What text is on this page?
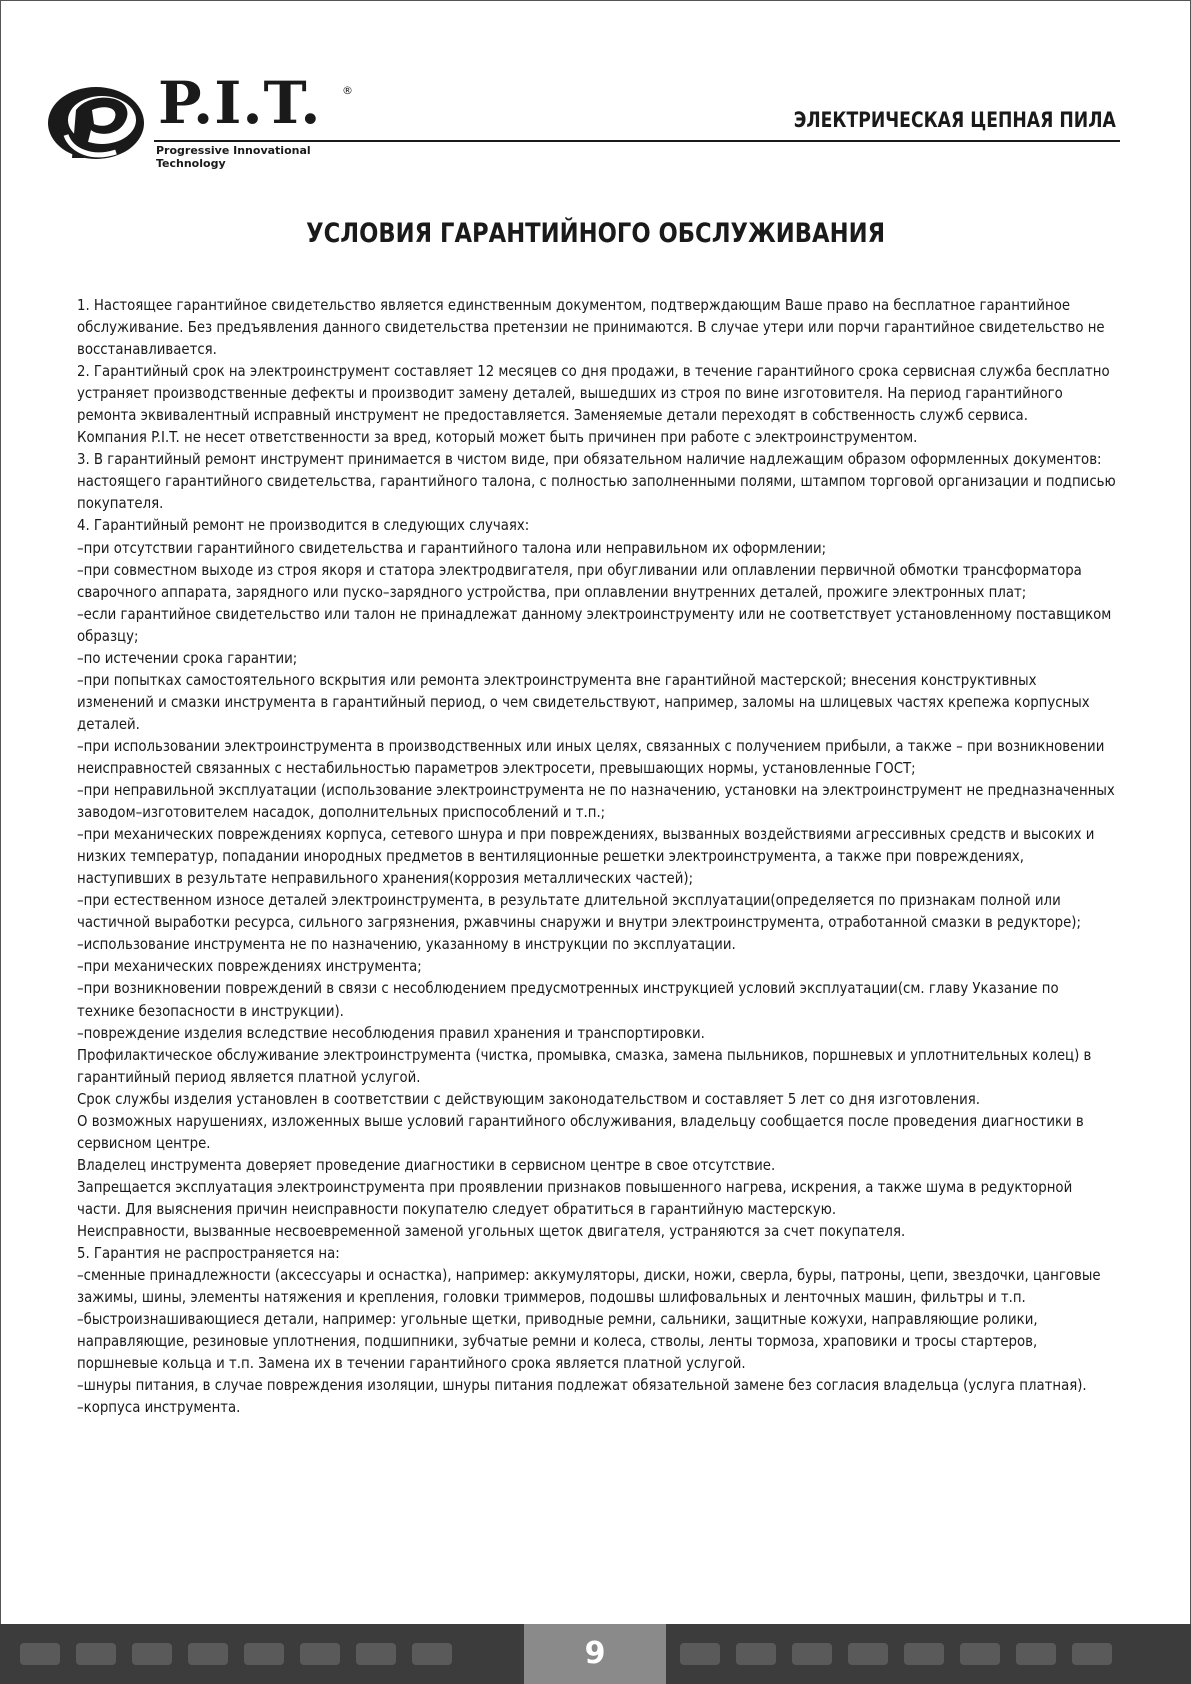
P.I.T. ®
Progressive Innovational Technology
ЭЛЕКТРИЧЕСКАЯ ЦЕПНАЯ ПИЛА
УСЛОВИЯ ГАРАНТИЙНОГО ОБСЛУЖИВАНИЯ

1. Настоящее гарантийное свидетельство является единственным документом, подтверждающим Ваше право на бесплатное гарантийное обслуживание. Без предъявления данного свидетельства претензии не принимаются. В случае утери или порчи гарантийное свидетельство не восстанавливается.

2. Гарантийный срок на электроинструмент составляет 12 месяцев со дня продажи, в течение гарантийного срока сервисная служба бесплатно устраняет производственные дефекты и производит замену деталей, вышедших из строя по вине изготовителя. На период гарантийного ремонта эквивалентный исправный инструмент не предоставляется. Заменяемые детали переходят в собственность служб сервиса.

Компания P.I.T. не несет ответственности за вред, который может быть причинен при работе с электроинструментом.

3. В гарантийный ремонт инструмент принимается в чистом виде, при обязательном наличие надлежащим образом оформленных документов: настоящего гарантийного свидетельства, гарантийного талона, с полностью заполненными полями, штампом торговой организации и подписью покупателя.

4. Гарантийный ремонт не производится в следующих случаях:

–при отсутствии гарантийного свидетельства и гарантийного талона или неправильном их оформлении;

–при совместном выходе из строя якоря и статора электродвигателя, при обугливании или оплавлении первичной обмотки трансформатора сварочного аппарата, зарядного или пуско–зарядного устройства, при оплавлении внутренних деталей, прожиге электронных плат;

–если гарантийное свидетельство или талон не принадлежат данному электроинструменту или не соответствует установленному поставщиком образцу;

–по истечении срока гарантии;

–при попытках самостоятельного вскрытия или ремонта электроинструмента вне гарантийной мастерской; внесения конструктивных изменений и смазки инструмента в гарантийный период, о чем свидетельствуют, например, заломы на шлицевых частях крепежа корпусных деталей.

–при использовании электроинструмента в производственных или иных целях, связанных с получением прибыли, а также – при возникновении неисправностей связанных с нестабильностью параметров электросети, превышающих нормы, установленные ГОСТ;

–при неправильной эксплуатации (использование электроинструмента не по назначению, установки на электроинструмент не предназначенных заводом–изготовителем насадок, дополнительных приспособлений и т.п.;

–при механических повреждениях корпуса, сетевого шнура и при повреждениях, вызванных воздействиями агрессивных средств и высоких и низких температур, попадании инородных предметов в вентиляционные решетки электроинструмента, а также при повреждениях, наступивших в результате неправильного хранения(коррозия металлических частей);

–при естественном износе деталей электроинструмента, в результате длительной эксплуатации(определяется по признакам полной или частичной выработки ресурса, сильного загрязнения, ржавчины снаружи и внутри электроинструмента, отработанной смазки в редукторе);

–использование инструмента не по назначению, указанному в инструкции по эксплуатации.

–при механических повреждениях инструмента;

–при возникновении повреждений в связи с несоблюдением предусмотренных инструкцией условий эксплуатации(см. главу Указание по технике безопасности в инструкции).

–повреждение изделия вследствие несоблюдения правил хранения и транспортировки.

Профилактическое обслуживание электроинструмента (чистка, промывка, смазка, замена пыльников, поршневых и уплотнительных колец) в гарантийный период является платной услугой.

Срок службы изделия установлен в соответствии с действующим законодательством и составляет 5 лет со дня изготовления.

О возможных нарушениях, изложенных выше условий гарантийного обслуживания, владельцу сообщается после проведения диагностики в сервисном центре.

Владелец инструмента доверяет проведение диагностики в сервисном центре в свое отсутствие.

Запрещается эксплуатация электроинструмента при проявлении признаков повышенного нагрева, искрения, а также шума в редукторной части. Для выяснения причин неисправности покупателю следует обратиться в гарантийную мастерскую.

Неисправности, вызванные несвоевременной заменой угольных щеток двигателя, устраняются за счет покупателя.

5. Гарантия не распространяется на:

–сменные принадлежности (аксессуары и оснастка), например: аккумуляторы, диски, ножи, сверла, буры, патроны, цепи, звездочки, цанговые зажимы, шины, элементы натяжения и крепления, головки триммеров, подошвы шлифовальных и ленточных машин, фильтры и т.п.

–быстроизнашивающиеся детали, например: угольные щетки, приводные ремни, сальники, защитные кожухи, направляющие ролики, направляющие, резиновые уплотнения, подшипники, зубчатые ремни и колеса, стволы, ленты тормоза, храповики и тросы стартеров, поршневые кольца и т.п. Замена их в течении гарантийного срока является платной услугой.

–шнуры питания, в случае повреждения изоляции, шнуры питания подлежат обязательной замене без согласия владельца (услуга платная).

–корпуса инструмента.

9
